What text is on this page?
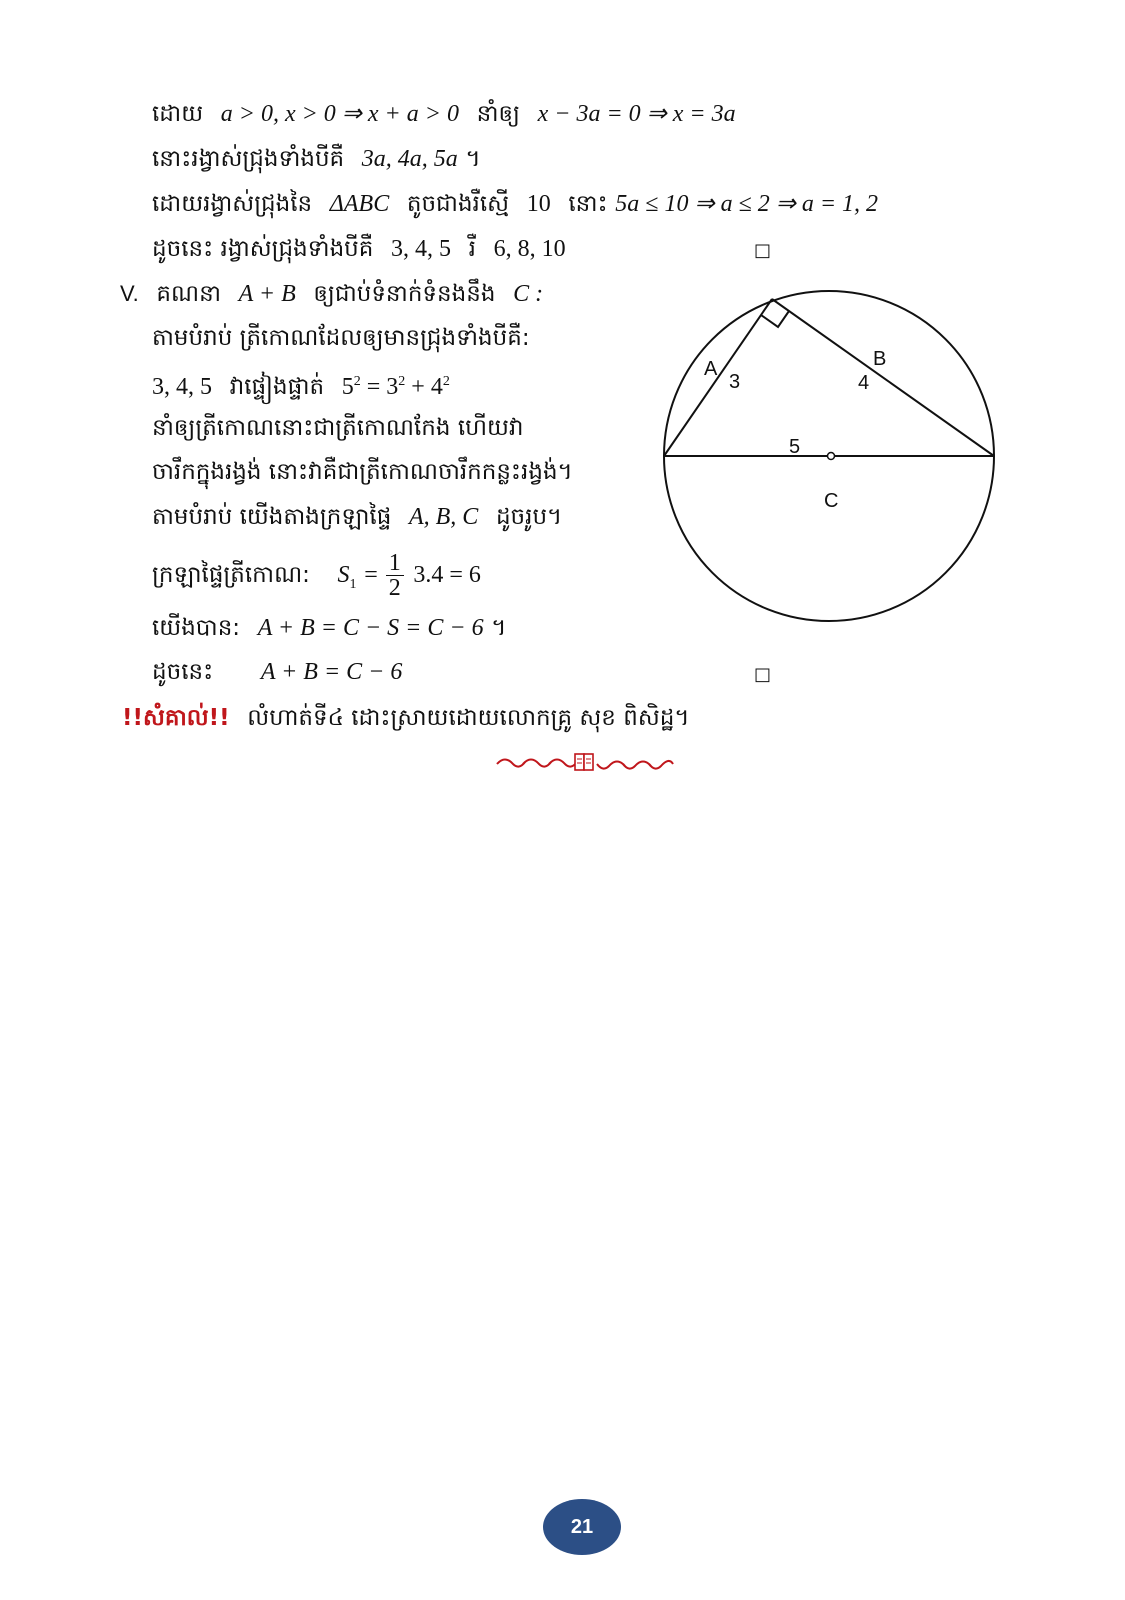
ដោយ a > 0, x > 0 ⇒ x + a > 0 នាំឲ្យ x − 3a = 0 ⇒ x = 3a
នោះរង្វាស់ជ្រុងទាំងបីគឺ 3a, 4a, 5a ។
ដោយរង្វាស់ជ្រុងនៃ ΔABC តូចជាងរឺស្មើ 10 នោះ 5a ≤ 10 ⇒ a ≤ 2 ⇒ a = 1, 2
ដូចនេះ រង្វាស់ជ្រុងទាំងបីគឺ 3, 4, 5 រឺ 6, 8, 10	□
V. គណនា A + B ឲ្យជាប់ទំនាក់ទំនងនឹង C :
តាមបំរាប់ ត្រីកោណដែលឲ្យមានជ្រុងទាំងបីគឺ:
3, 4, 5 វាផ្ទៀងផ្ទាត់ $5^2 = 3^2 + 4^2$
នាំឲ្យត្រីកោណនោះជាត្រីកោណកែង ហើយវា
ចារឹកក្នុងរង្វង់ នោះវាគឺជាត្រីកោណចារឹកកន្លះរង្វង់។
តាមបំរាប់ យើងតាងក្រឡាផ្ទៃ A, B, C ដូចរូប។
ក្រឡាផ្ទៃត្រីកោណ: $S_1 = \frac{1}{2} 3.4 = 6$
យើងបាន: A + B = C − S = C − 6 ។
ដូចនេះ A + B = C − 6	□
!!សំគាល់!! លំហាត់ទី៤ ដោះស្រាយដោយលោកគ្រូ សុខ ពិសិដ្ឋ។
A
3
B
4
5
C
21
